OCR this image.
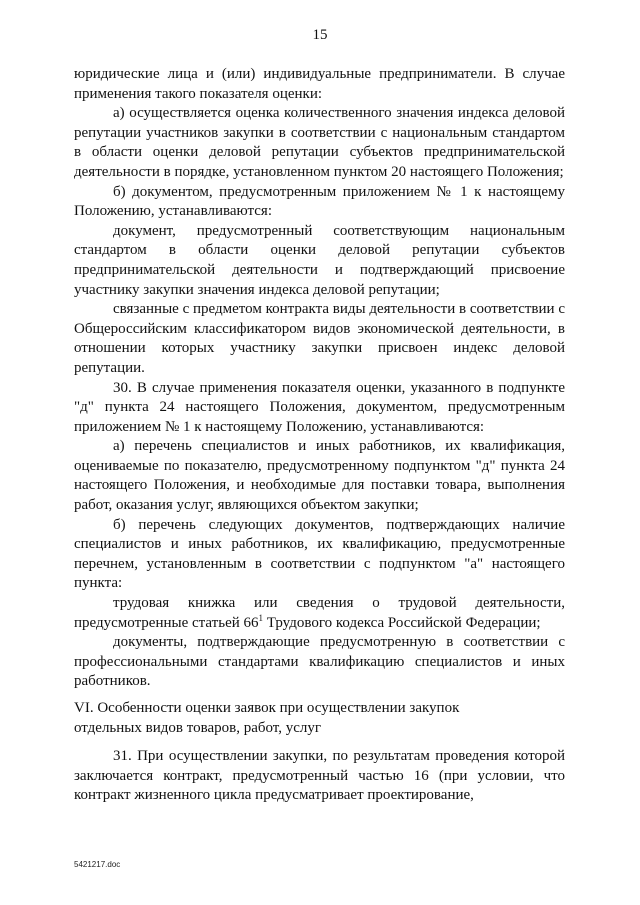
15

юридические лица и (или) индивидуальные предприниматели. В случае применения такого показателя оценки:

а) осуществляется оценка количественного значения индекса деловой репутации участников закупки в соответствии с национальным стандартом в области оценки деловой репутации субъектов предпринимательской деятельности в порядке, установленном пунктом 20 настоящего Положения;

б) документом, предусмотренным приложением № 1 к настоящему Положению, устанавливаются:

документ, предусмотренный соответствующим национальным стандартом в области оценки деловой репутации субъектов предпринимательской деятельности и подтверждающий присвоение участнику закупки значения индекса деловой репутации;

связанные с предметом контракта виды деятельности в соответствии с Общероссийским классификатором видов экономической деятельности, в отношении которых участнику закупки присвоен индекс деловой репутации.

30. В случае применения показателя оценки, указанного в подпункте "д" пункта 24 настоящего Положения, документом, предусмотренным приложением № 1 к настоящему Положению, устанавливаются:

а) перечень специалистов и иных работников, их квалификация, оцениваемые по показателю, предусмотренному подпунктом "д" пункта 24 настоящего Положения, и необходимые для поставки товара, выполнения работ, оказания услуг, являющихся объектом закупки;

б) перечень следующих документов, подтверждающих наличие специалистов и иных работников, их квалификацию, предусмотренные перечнем, установленным в соответствии с подпунктом "а" настоящего пункта:

трудовая книжка или сведения о трудовой деятельности, предусмотренные статьей $66^1$ Трудового кодекса Российской Федерации;

документы, подтверждающие предусмотренную в соответствии с профессиональными стандартами квалификацию специалистов и иных работников.

VI. Особенности оценки заявок при осуществлении закупок
отдельных видов товаров, работ, услуг

31. При осуществлении закупки, по результатам проведения которой заключается контракт, предусмотренный частью 16 (при условии, что контракт жизненного цикла предусматривает проектирование,

5421217.doc
